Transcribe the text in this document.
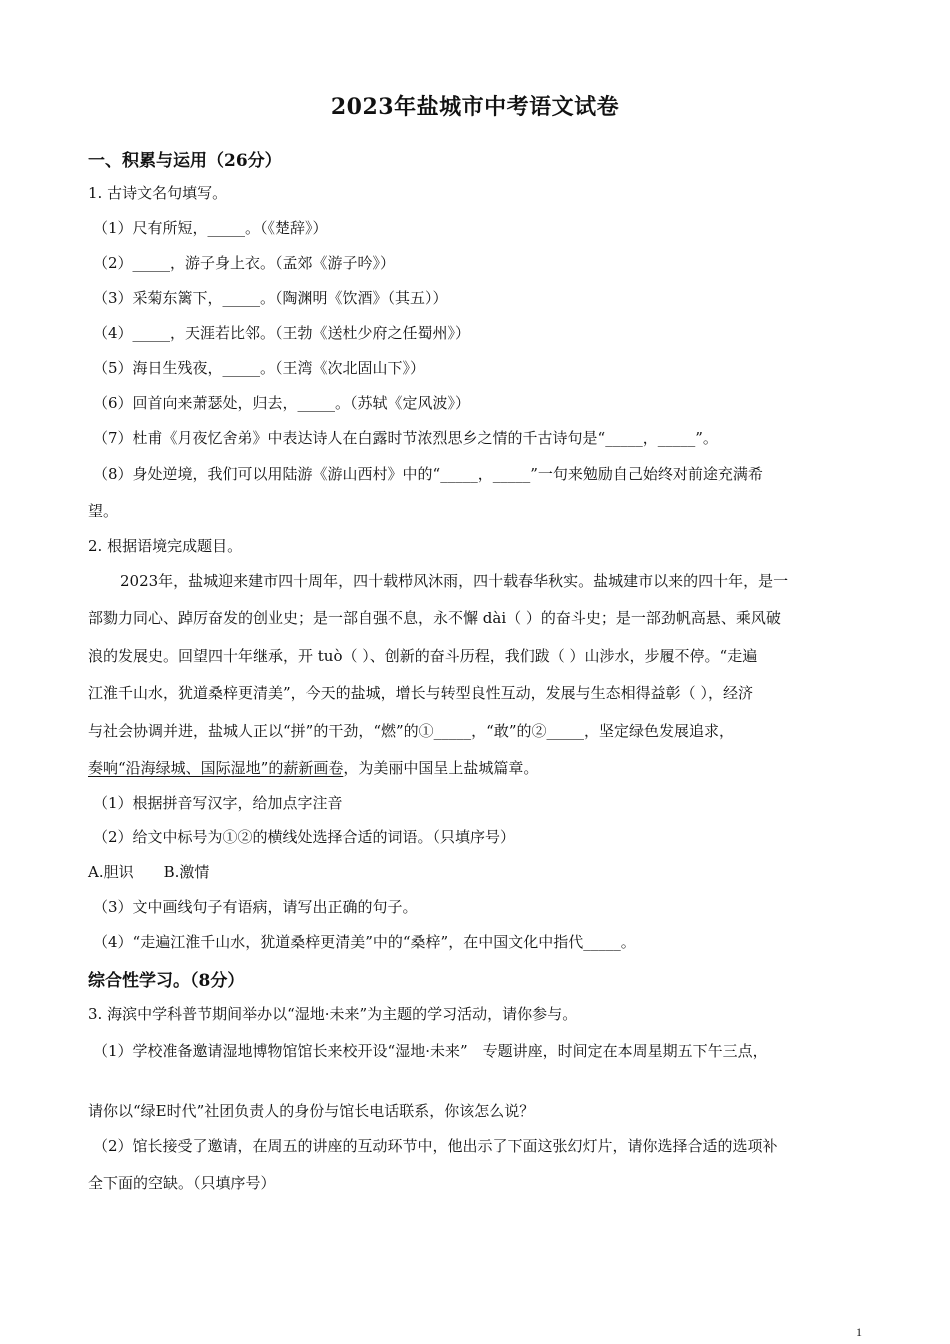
2023年盐城市中考语文试卷
一、积累与运用（26分）
1. 古诗文名句填写。
（1）尺有所短，_____。（《楚辞》）
（2）_____，游子身上衣。（孟郊《游子吟》）
（3）采菊东篱下，_____。（陶渊明《饮酒》（其五））
（4）_____，天涯若比邻。（王勃《送杜少府之任蜀州》）
（5）海日生残夜，_____。（王湾《次北固山下》）
（6）回首向来萧瑟处，归去，_____。（苏轼《定风波》）
（7）杜甫《月夜忆舍弟》中表达诗人在白露时节浓烈思乡之情的千古诗句是“_____，_____”。
（8）身处逆境，我们可以用陆游《游山西村》中的“_____，_____”一句来勉励自己始终对前途充满希
望。
2. 根据语境完成题目。
2023年，盐城迎来建市四十周年，四十载栉风沐雨，四十载春华秋实。盐城建市以来的四十年，是一
部勠力同心、踔厉奋发的创业史；是一部自强不息，永不懈 dài（ ）的奋斗史；是一部劲帆高悬、乘风破
浪的发展史。回望四十年继承，开 tuò（ ）、创新的奋斗历程，我们跋（ ）山涉水，步履不停。“走遍
江淮千山水，犹道桑梓更清美”，今天的盐城，增长与转型良性互动，发展与生态相得益彰（ ），经济
与社会协调并进，盐城人正以“拼”的干劲，“燃”的①_____，“敢”的②_____，坚定绿色发展追求，
奏响“沿海绿城、国际湿地”的薪新画卷，为美丽中国呈上盐城篇章。
（1）根据拼音写汉字，给加点字注音
（2）给文中标号为①②的横线处选择合适的词语。（只填序号）
A.胆识　　B.激情
（3）文中画线句子有语病，请写出正确的句子。
（4）“走遍江淮千山水，犹道桑梓更清美”中的“桑梓”，在中国文化中指代_____。
综合性学习。（8分）
3. 海滨中学科普节期间举办以“湿地·未来”为主题的学习活动，请你参与。
（1）学校准备邀请湿地博物馆馆长来校开设“湿地·未来”　专题讲座，时间定在本周星期五下午三点，
请你以“绿E时代”社团负责人的身份与馆长电话联系，你该怎么说？
（2）馆长接受了邀请，在周五的讲座的互动环节中，他出示了下面这张幻灯片，请你选择合适的选项补
全下面的空缺。（只填序号）
1
